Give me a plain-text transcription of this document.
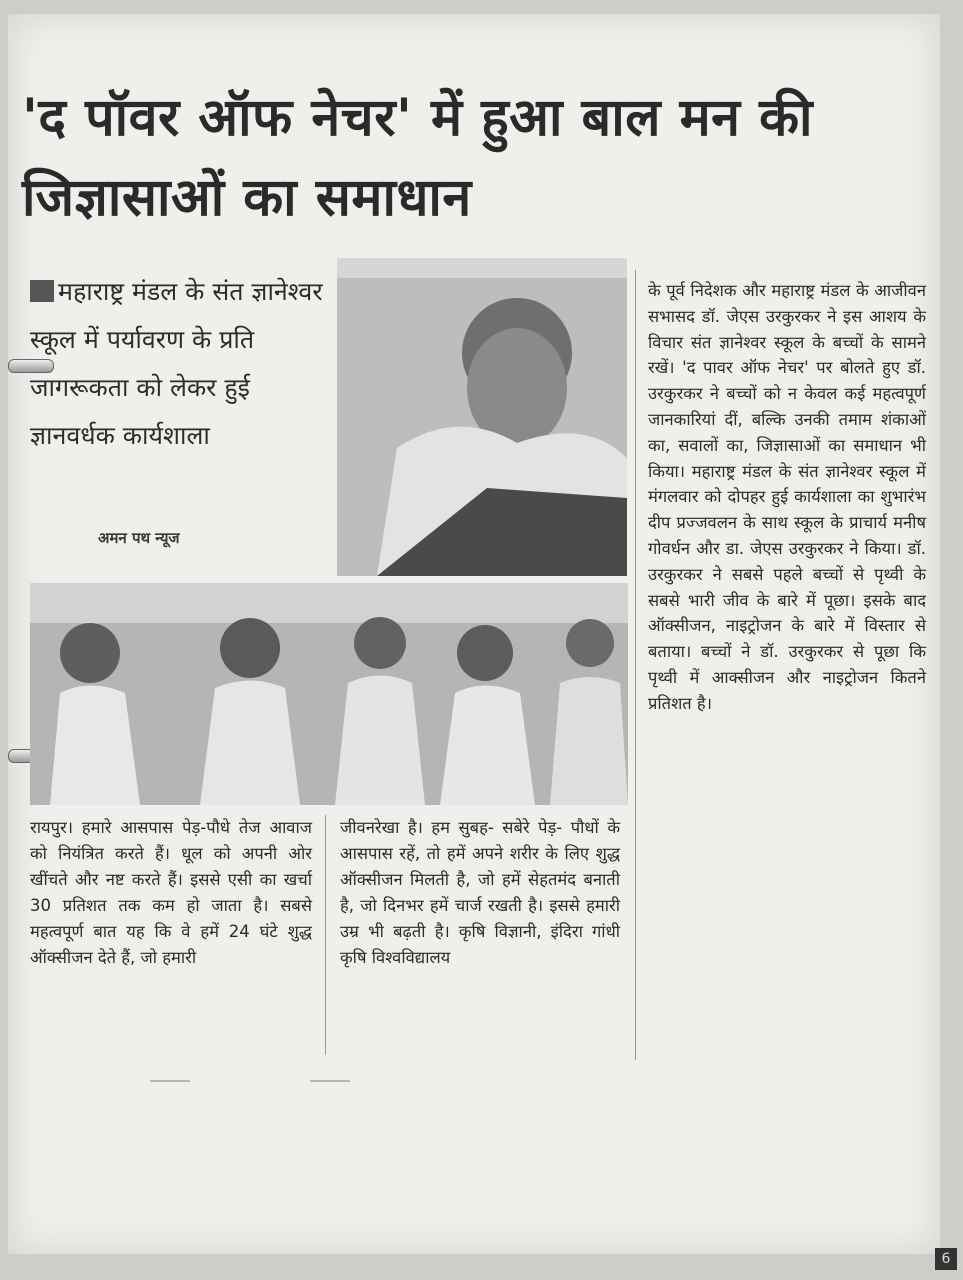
'द पॉवर ऑफ नेचर' में हुआ बाल मन की जिज्ञासाओं का समाधान
महाराष्ट्र मंडल के संत ज्ञानेश्वर स्कूल में पर्यावरण के प्रति जागरूकता को लेकर हुई ज्ञानवर्धक कार्यशाला
अमन पथ न्यूज
रायपुर। हमारे आसपास पेड़-पौधे तेज आवाज को नियंत्रित करते हैं। धूल को अपनी ओर खींचते और नष्ट करते हैं। इससे एसी का खर्चा 30 प्रतिशत तक कम हो जाता है। सबसे महत्वपूर्ण बात यह कि वे हमें 24 घंटे शुद्ध ऑक्सीजन देते हैं, जो हमारी
जीवनरेखा है। हम सुबह- सबेरे पेड़- पौधों के आसपास रहें, तो हमें अपने शरीर के लिए शुद्ध ऑक्सीजन मिलती है, जो हमें सेहतमंद बनाती है, जो दिनभर हमें चार्ज रखती है। इससे हमारी उम्र भी बढ़ती है। कृषि विज्ञानी, इंदिरा गांधी कृषि विश्वविद्यालय
के पूर्व निदेशक और महाराष्ट्र मंडल के आजीवन सभासद डॉ. जेएस उरकुरकर ने इस आशय के विचार संत ज्ञानेश्वर स्कूल के बच्चों के सामने रखें। 'द पावर ऑफ नेचर' पर बोलते हुए डॉ. उरकुरकर ने बच्चों को न केवल कई महत्वपूर्ण जानकारियां दीं, बल्कि उनकी तमाम शंकाओं का, सवालों का, जिज्ञासाओं का समाधान भी किया। महाराष्ट्र मंडल के संत ज्ञानेश्वर स्कूल में मंगलवार को दोपहर हुई कार्यशाला का शुभारंभ दीप प्रज्जवलन के साथ स्कूल के प्राचार्य मनीष गोवर्धन और डा. जेएस उरकुरकर ने किया। डॉ. उरकुरकर ने सबसे पहले बच्चों से पृथ्वी के सबसे भारी जीव के बारे में पूछा। इसके बाद ऑक्सीजन, नाइट्रोजन के बारे में विस्तार से बताया। बच्चों ने डॉ. उरकुरकर से पूछा कि पृथ्वी में आक्सीजन और नाइट्रोजन कितने प्रतिशत है।
6
